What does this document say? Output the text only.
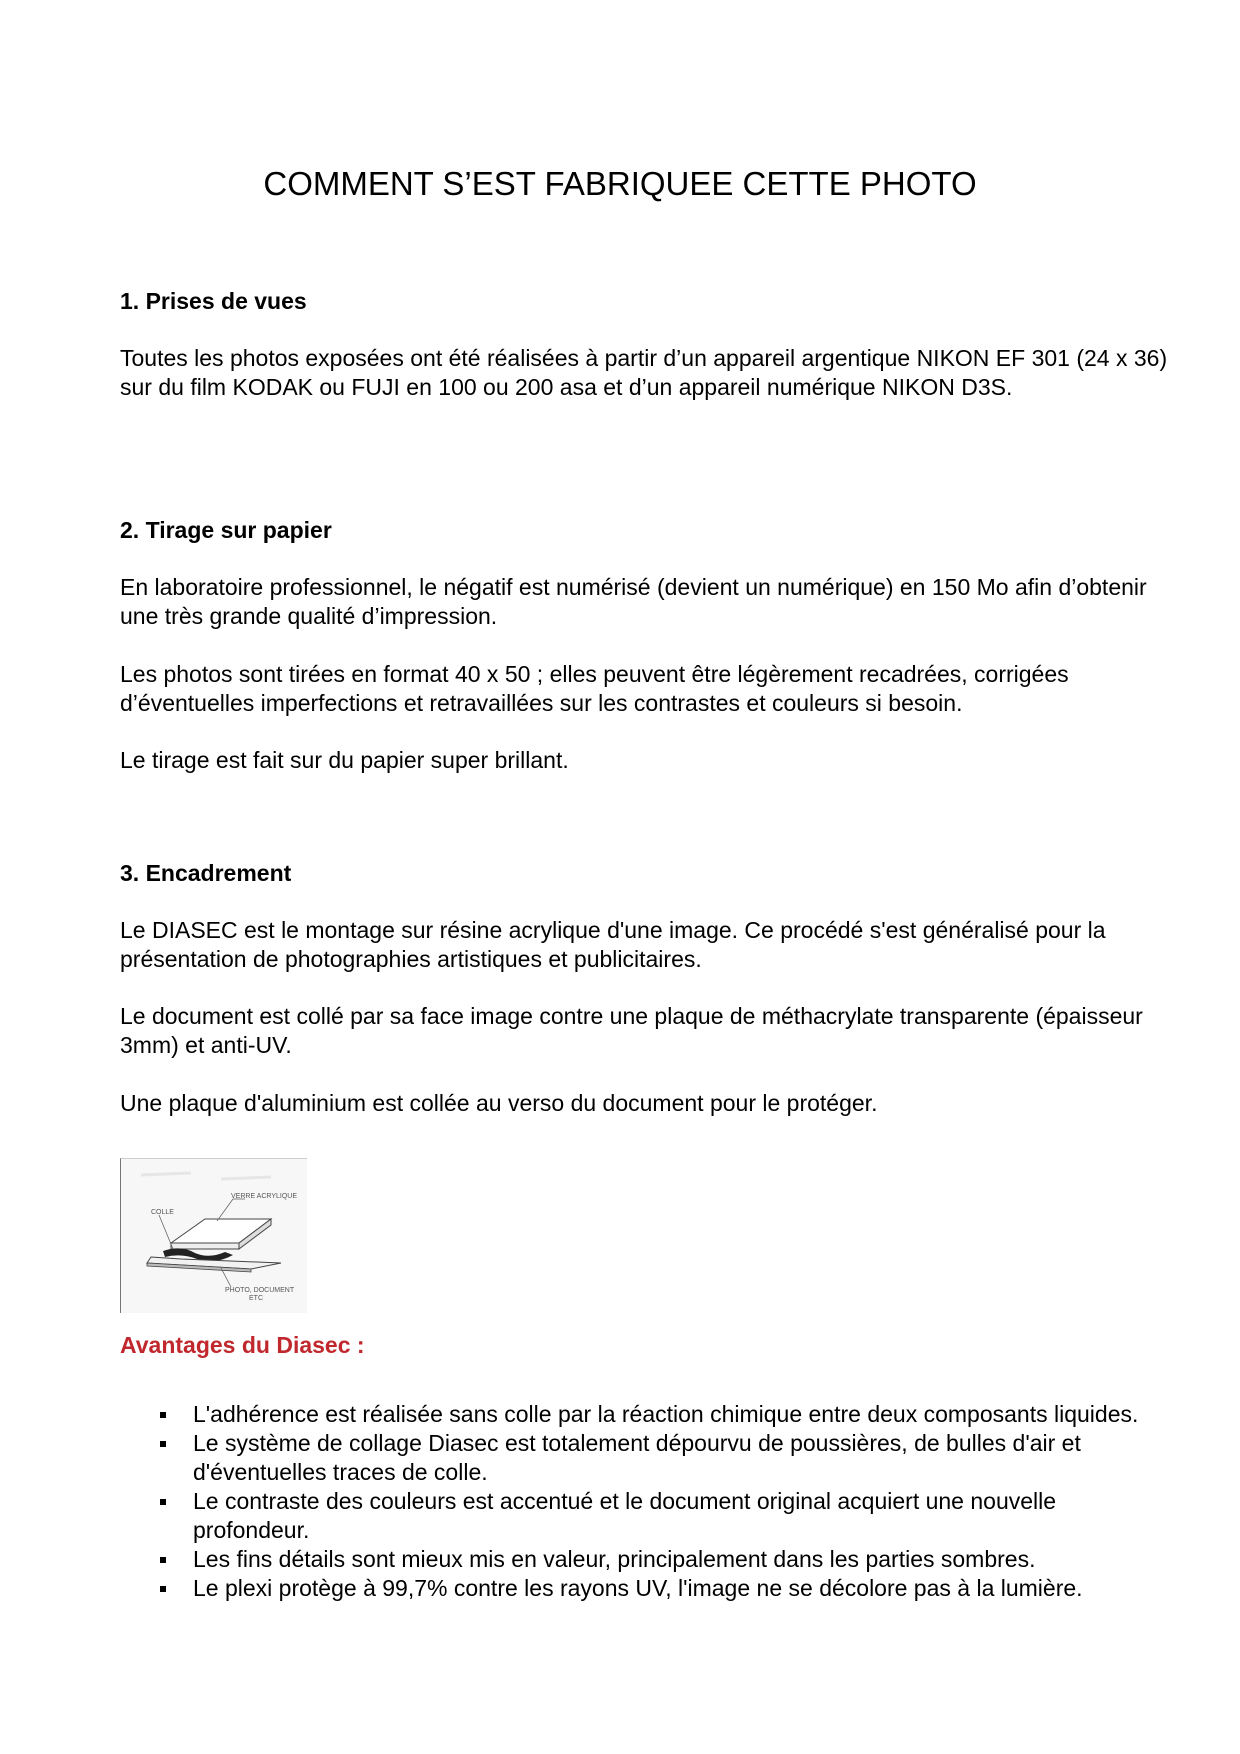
COMMENT S’EST FABRIQUEE CETTE PHOTO
1. Prises de vues

Toutes les photos exposées ont été réalisées à partir d’un appareil argentique NIKON EF 301 (24 x 36) sur du film KODAK ou FUJI en 100 ou 200 asa et d’un appareil numérique NIKON D3S.

2. Tirage sur papier

En laboratoire professionnel, le négatif est numérisé (devient un numérique) en 150 Mo afin d’obtenir une très grande qualité d’impression.

Les photos sont tirées en format 40 x 50 ; elles peuvent être légèrement recadrées, corrigées d’éventuelles imperfections et retravaillées sur les contrastes et couleurs si besoin.

Le tirage est fait sur du papier super brillant.

3. Encadrement

Le DIASEC est le montage sur résine acrylique d'une image. Ce procédé s'est généralisé pour la présentation de photographies artistiques et publicitaires.

Le document est collé par sa face image contre une plaque de méthacrylate transparente (épaisseur 3mm) et anti-UV.

Une plaque d'aluminium est collée au verso du document pour le protéger.

VERRE ACRYLIQUE
COLLE
PHOTO, DOCUMENT
ETC
Avantages du Diasec :
L'adhérence est réalisée sans colle par la réaction chimique entre deux composants liquides.
Le système de collage Diasec est totalement dépourvu de poussières, de bulles d'air et d'éventuelles traces de colle.
Le contraste des couleurs est accentué et le document original acquiert une nouvelle profondeur.
Les fins détails sont mieux mis en valeur, principalement dans les parties sombres.
Le plexi protège à 99,7% contre les rayons UV, l'image ne se décolore pas à la lumière.
